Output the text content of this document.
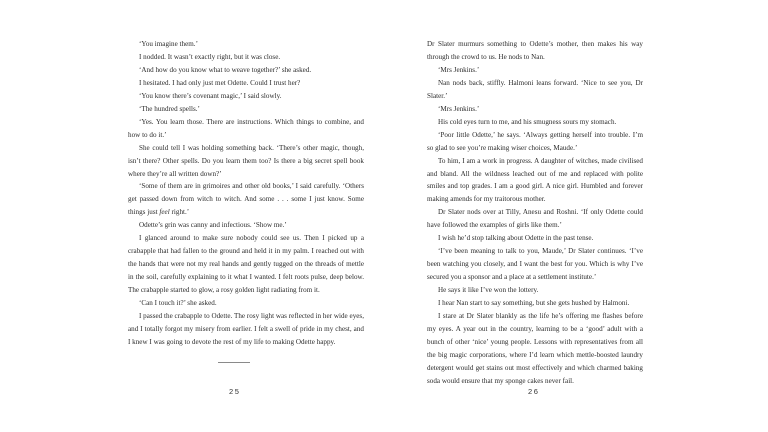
‘You imagine them.’

I nodded. It wasn’t exactly right, but it was close.

‘And how do you know what to weave together?’ she asked.

I hesitated. I had only just met Odette. Could I trust her?

‘You know there’s covenant magic,’ I said slowly.

‘The hundred spells.’

‘Yes. You learn those. There are instructions. Which things to combine, and how to do it.’

She could tell I was holding something back. ‘There’s other magic, though, isn’t there? Other spells. Do you learn them too? Is there a big secret spell book where they’re all written down?’

‘Some of them are in grimoires and other old books,’ I said carefully. ‘Others get passed down from witch to witch. And some . . . some I just know. Some things just feel right.’

Odette’s grin was canny and infectious. ‘Show me.’

I glanced around to make sure nobody could see us. Then I picked up a crabapple that had fallen to the ground and held it in my palm. I reached out with the hands that were not my real hands and gently tugged on the threads of mettle in the soil, carefully explaining to it what I wanted. I felt roots pulse, deep below. The crabapple started to glow, a rosy golden light radiating from it.

‘Can I touch it?’ she asked.

I passed the crabapple to Odette. The rosy light was reflected in her wide eyes, and I totally forgot my misery from earlier. I felt a swell of pride in my chest, and I knew I was going to devote the rest of my life to making Odette happy.

25

Dr Slater murmurs something to Odette’s mother, then makes his way through the crowd to us. He nods to Nan.

‘Mrs Jenkins.’

Nan nods back, stiffly. Halmoni leans forward. ‘Nice to see you, Dr Slater.’

‘Mrs Jenkins.’

His cold eyes turn to me, and his smugness sours my stomach.

‘Poor little Odette,’ he says. ‘Always getting herself into trouble. I’m so glad to see you’re making wiser choices, Maude.’

To him, I am a work in progress. A daughter of witches, made civilised and bland. All the wildness leached out of me and replaced with polite smiles and top grades. I am a good girl. A nice girl. Humbled and forever making amends for my traitorous mother.

Dr Slater nods over at Tilly, Anesu and Roshni. ‘If only Odette could have followed the examples of girls like them.’

I wish he’d stop talking about Odette in the past tense.

‘I’ve been meaning to talk to you, Maude,’ Dr Slater continues. ‘I’ve been watching you closely, and I want the best for you. Which is why I’ve secured you a sponsor and a place at a settlement institute.’

He says it like I’ve won the lottery.

I hear Nan start to say something, but she gets hushed by Halmoni.

I stare at Dr Slater blankly as the life he’s offering me flashes before my eyes. A year out in the country, learning to be a ‘good’ adult with a bunch of other ‘nice’ young people. Lessons with representatives from all the big magic corporations, where I’d learn which mettle-boosted laundry detergent would get stains out most effectively and which charmed baking soda would ensure that my sponge cakes never fail.

26
